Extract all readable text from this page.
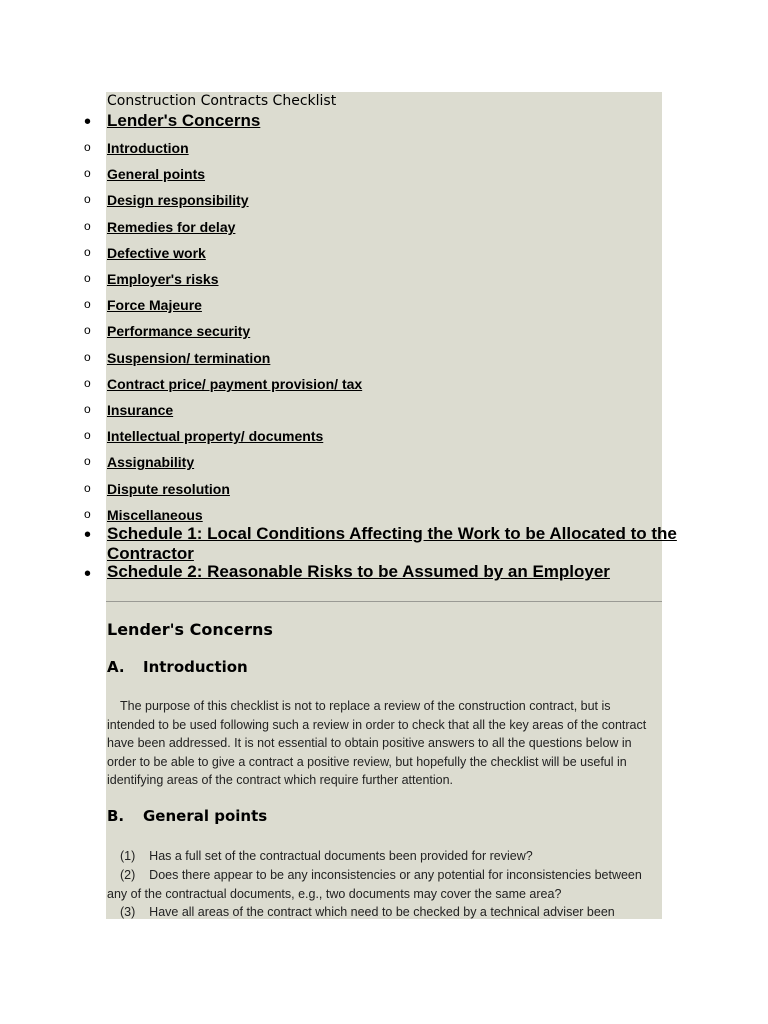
Construction Contracts Checklist
• Lender's Concerns
o Introduction
o General points
o Design responsibility
o Remedies for delay
o Defective work
o Employer's risks
o Force Majeure
o Performance security
o Suspension/ termination
o Contract price/ payment provision/ tax
o Insurance
o Intellectual property/ documents
o Assignability
o Dispute resolution
o Miscellaneous
• Schedule 1: Local Conditions Affecting the Work to be Allocated to the
Contractor
• Schedule 2: Reasonable Risks to be Assumed by an Employer
Lender's Concerns
A. Introduction
The purpose of this checklist is not to replace a review of the construction contract, but is intended to be used following such a review in order to check that all the key areas of the contract have been addressed. It is not essential to obtain positive answers to all the questions below in order to be able to give a contract a positive review, but hopefully the checklist will be useful in identifying areas of the contract which require further attention.
B. General points
(1)    Has a full set of the contractual documents been provided for review?
(2)    Does there appear to be any inconsistencies or any potential for inconsistencies between any of the contractual documents, e.g., two documents may cover the same area?
(3)    Have all areas of the contract which need to be checked by a technical adviser been
